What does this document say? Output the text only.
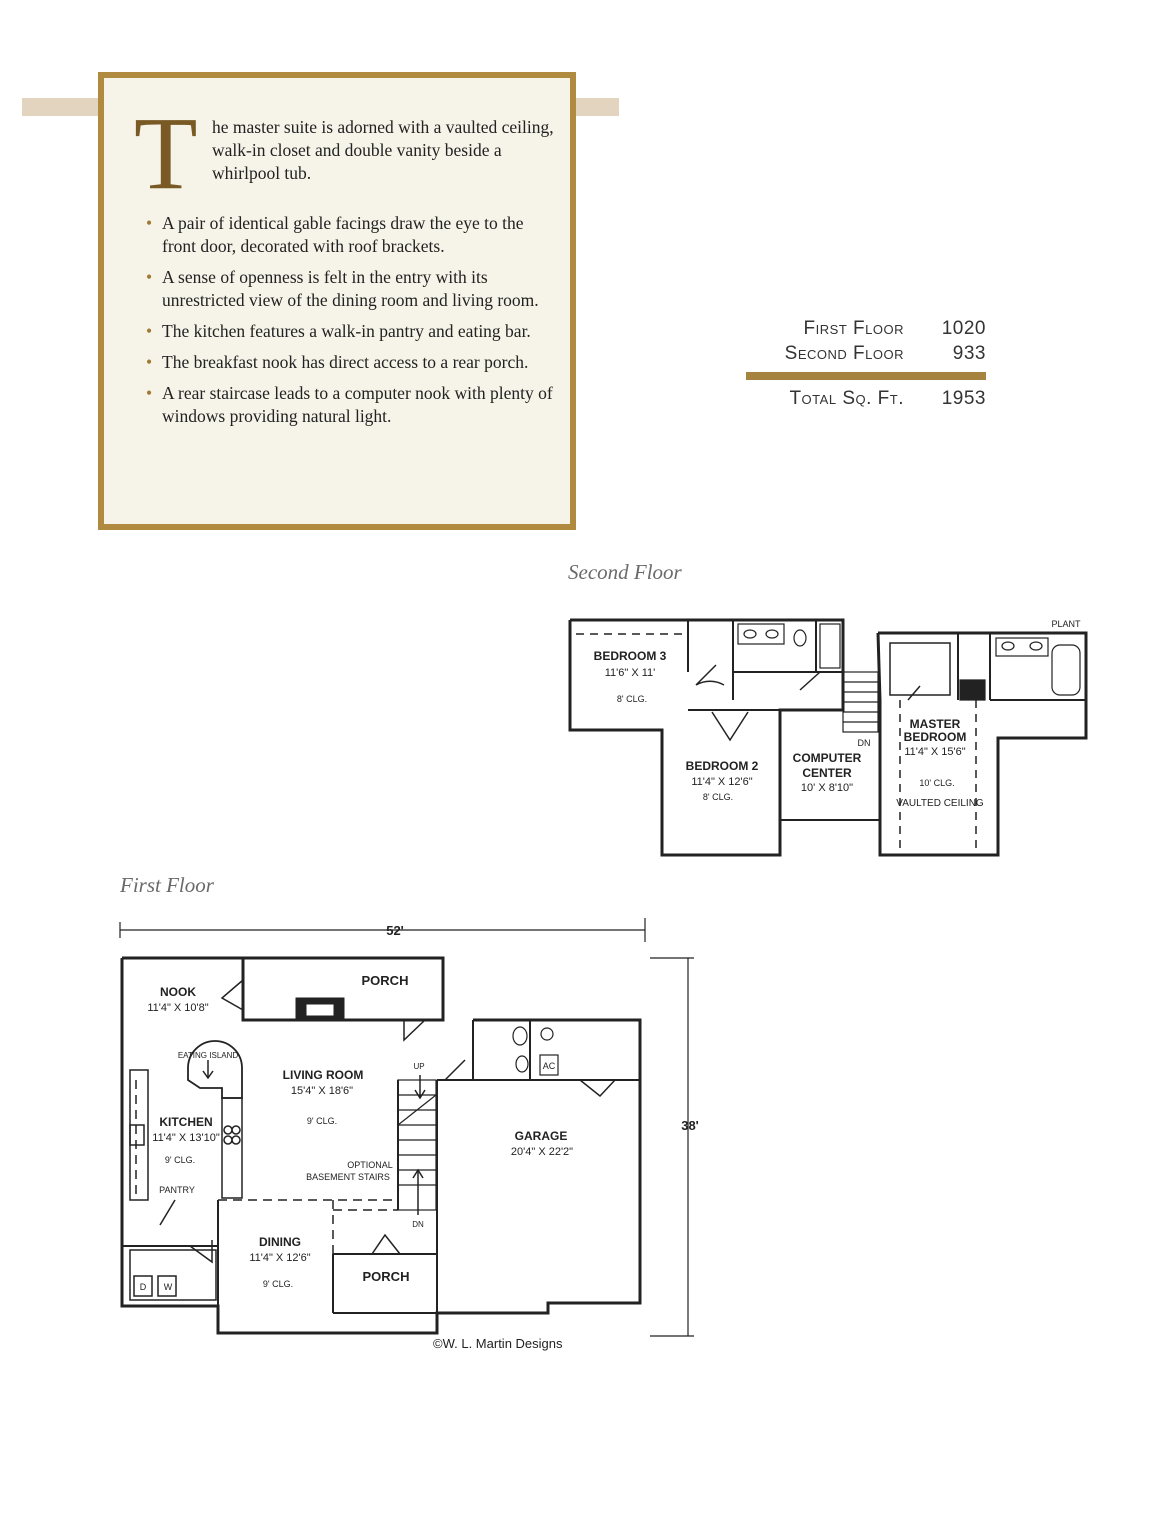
T he master suite is adorned with a vaulted ceiling, walk-in closet and double vanity beside a whirlpool tub.
• A pair of identical gable facings draw the eye to the front door, decorated with roof brackets.
• A sense of openness is felt in the entry with its unrestricted view of the dining room and living room.
• The kitchen features a walk-in pantry and eating bar.
• The breakfast nook has direct access to a rear porch.
• A rear staircase leads to a computer nook with plenty of windows providing natural light.
First Floor	1020
Second Floor	933
Total Sq. Ft.	1953
Second Floor
First Floor
BEDROOM 3
11'6" X 11'
8' CLG.
BEDROOM 2
11'4" X 12'6"
8' CLG.
COMPUTER
CENTER
10' X 8'10"
MASTER
BEDROOM
11'4" X 15'6"
10' CLG.
VAULTED CEILING
PLANT
DN
52'
38'
NOOK
11'4" X 10'8"
PORCH
EATING ISLAND
LIVING ROOM
15'4" X 18'6"
9' CLG.
KITCHEN
11'4" X 13'10"
9' CLG.
PANTRY
OPTIONAL
BASEMENT STAIRS
UP
DN
AC
GARAGE
20'4" X 22'2"
DINING
11'4" X 12'6"
9' CLG.	PORCH
D W
©W. L. Martin Designs
